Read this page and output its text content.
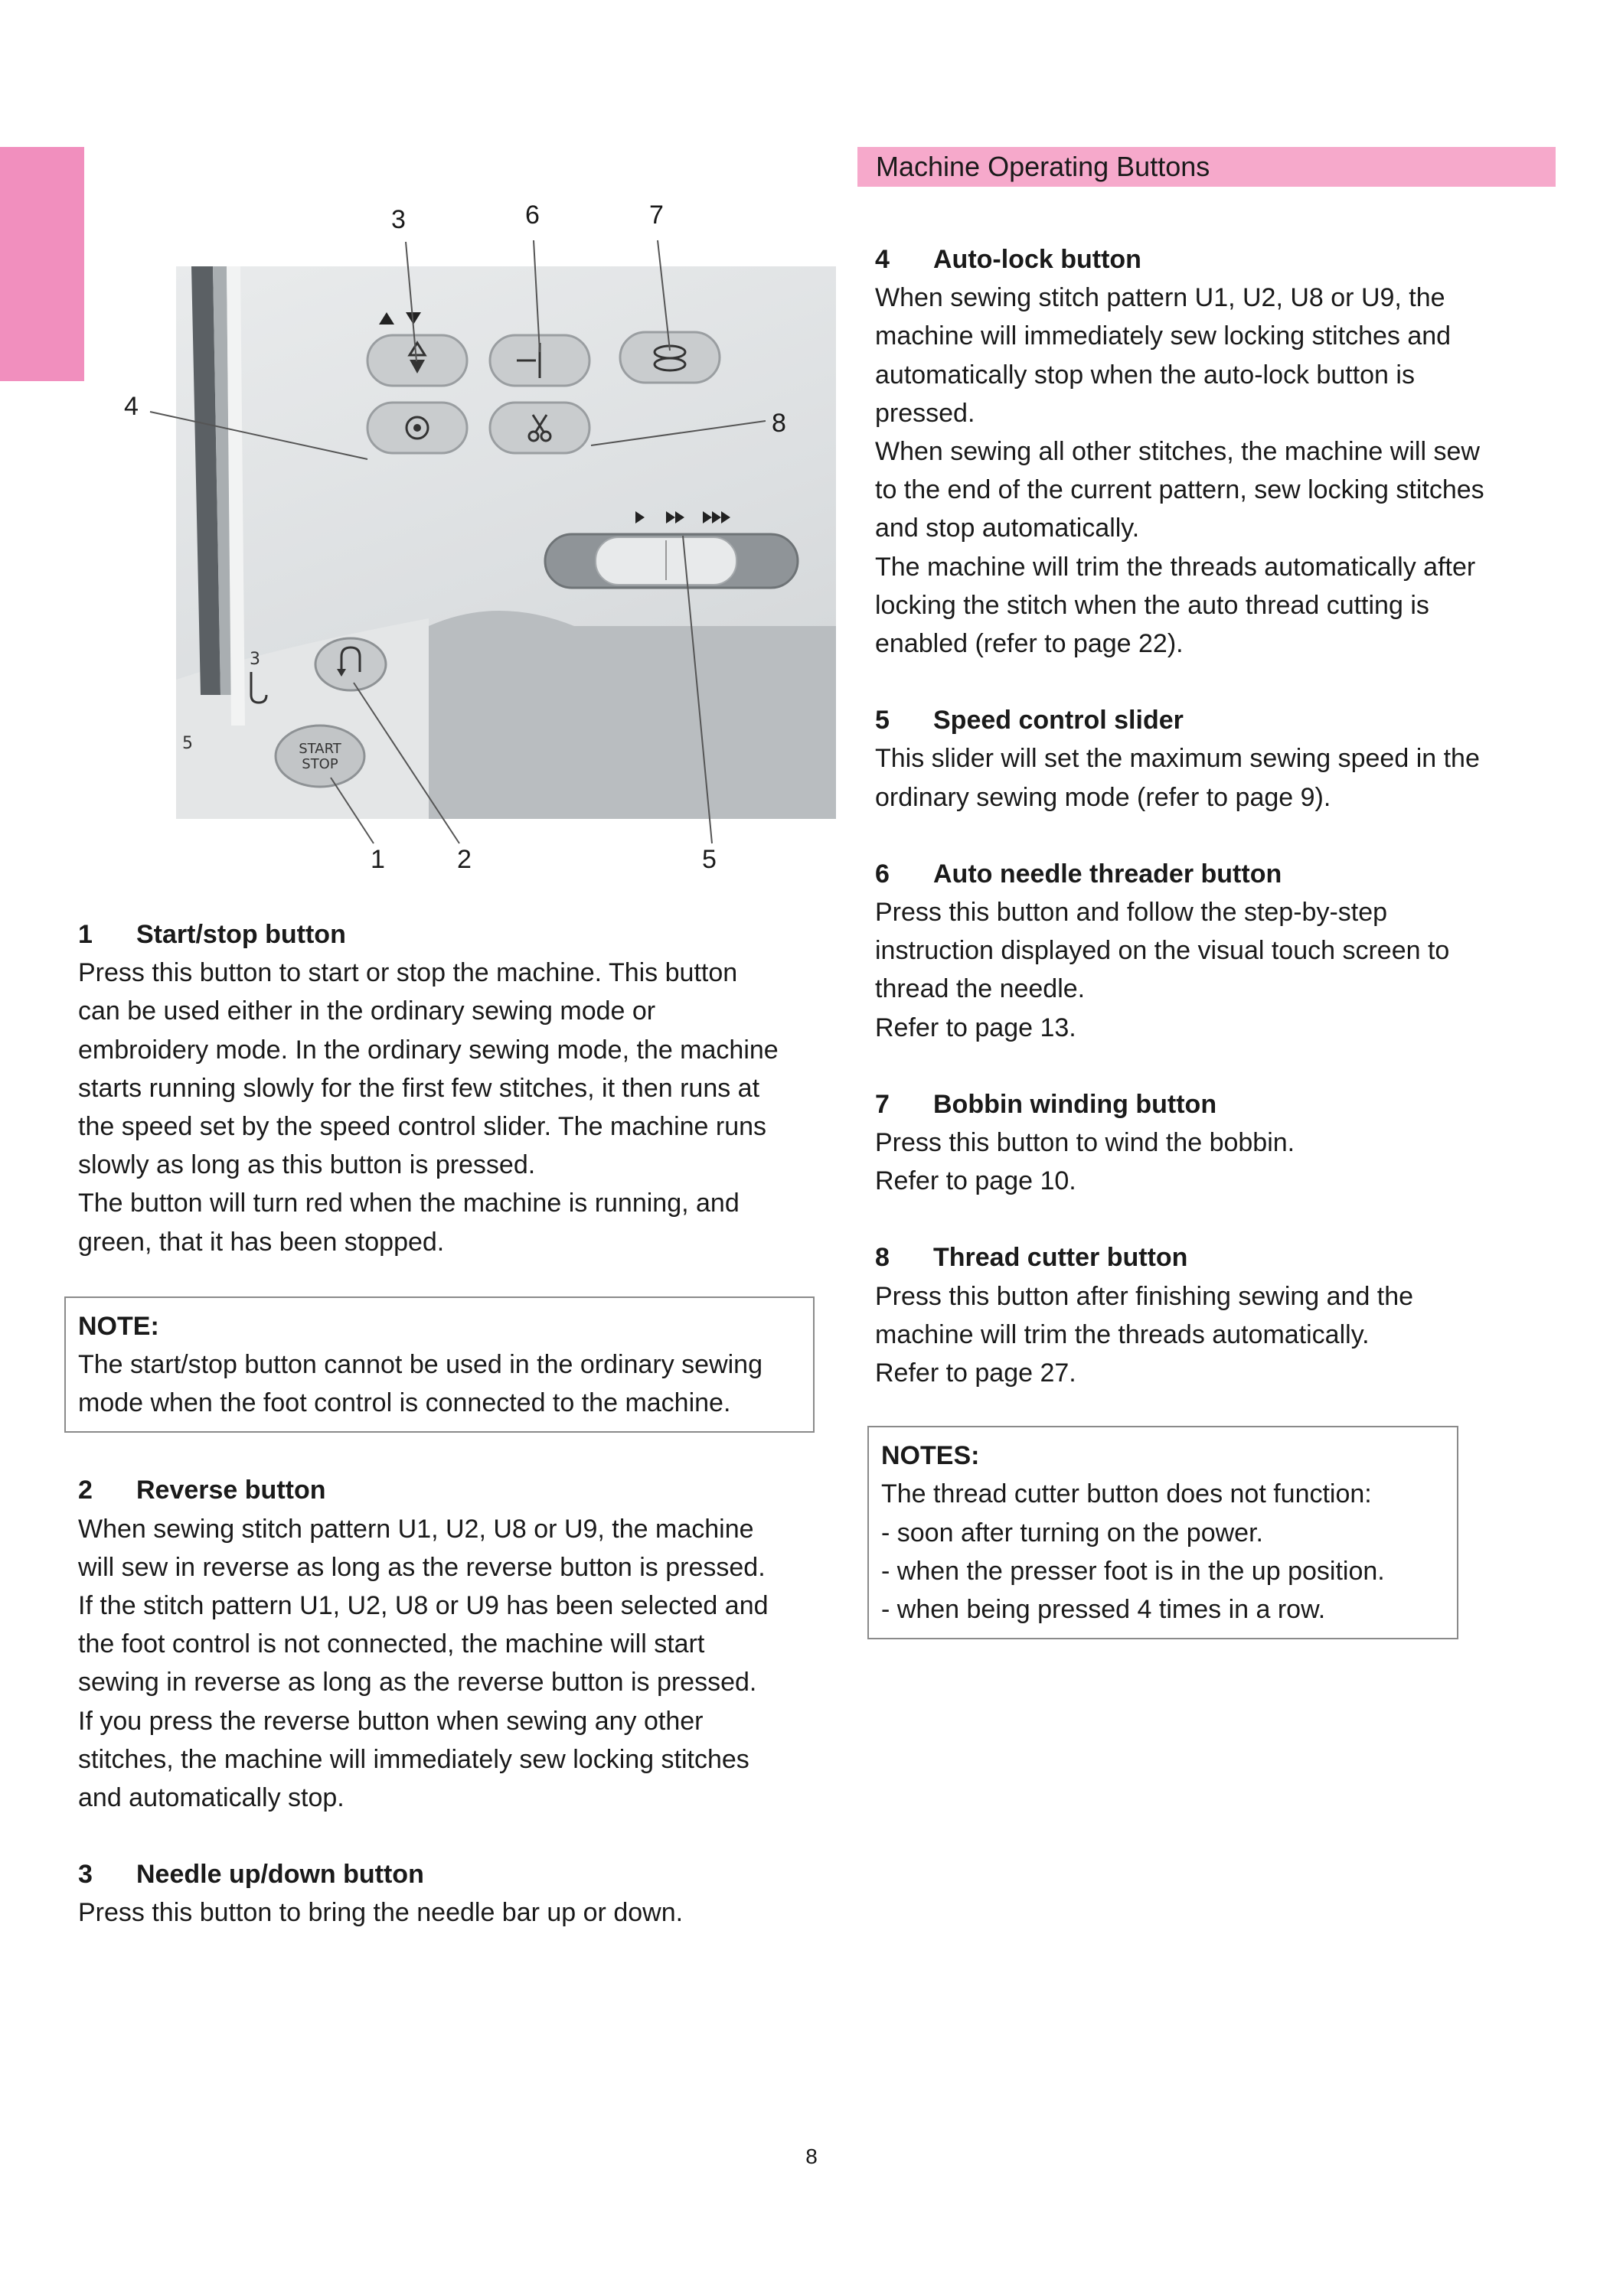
Machine Operating Buttons
3
5	START
STOP
3	6	7
4
8
1	2	5
1 Start/stop button

Press this button to start or stop the machine. This button

can be used either in the ordinary sewing mode or

embroidery mode. In the ordinary sewing mode, the machine

starts running slowly for the first few stitches, it then runs at

the speed set by the speed control slider. The machine runs

slowly as long as this button is pressed.

The button will turn red when the machine is running, and

green, that it has been stopped.

NOTE:

The start/stop button cannot be used in the ordinary sewing

mode when the foot control is connected to the machine.

2 Reverse button

When sewing stitch pattern U1, U2, U8 or U9, the machine

will sew in reverse as long as the reverse button is pressed.

If the stitch pattern U1, U2, U8 or U9 has been selected and

the foot control is not connected, the machine will start

sewing in reverse as long as the reverse button is pressed.

If you press the reverse button when sewing any other

stitches, the machine will immediately sew locking stitches

and automatically stop.

3 Needle up/down button

Press this button to bring the needle bar up or down.

4 Auto-lock button

When sewing stitch pattern U1, U2, U8 or U9, the

machine will immediately sew locking stitches and

automatically stop when the auto-lock button is

pressed.

When sewing all other stitches, the machine will sew

to the end of the current pattern, sew locking stitches

and stop automatically.

The machine will trim the threads automatically after

locking the stitch when the auto thread cutting is

enabled (refer to page 22).

5 Speed control slider

This slider will set the maximum sewing speed in the

ordinary sewing mode (refer to page 9).

6 Auto needle threader button

Press this button and follow the step-by-step

instruction displayed on the visual touch screen to

thread the needle.

Refer to page 13.

7 Bobbin winding button

Press this button to wind the bobbin.

Refer to page 10.

8 Thread cutter button

Press this button after finishing sewing and the

machine will trim the threads automatically.

Refer to page 27.

NOTES:

The thread cutter button does not function:

- soon after turning on the power.

- when the presser foot is in the up position.

- when being pressed 4 times in a row.

8
